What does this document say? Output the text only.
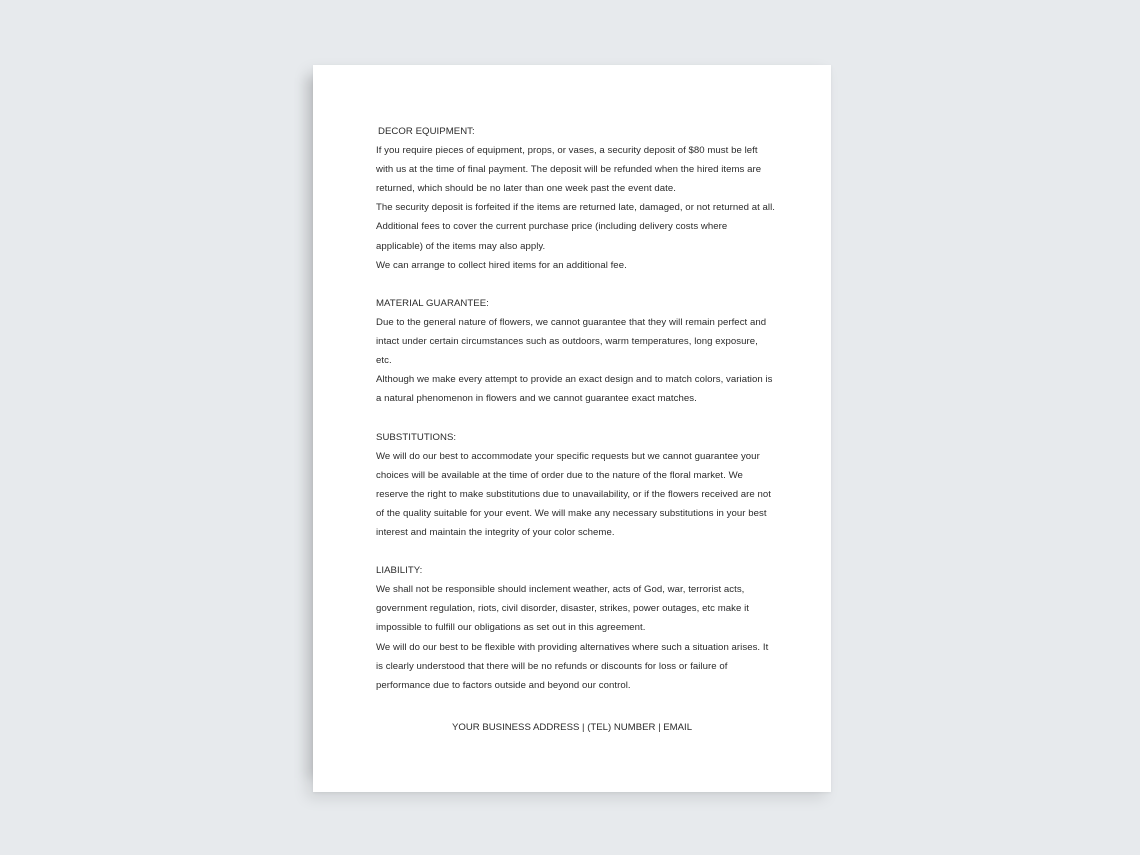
DECOR EQUIPMENT:
If you require pieces of equipment, props, or vases, a security deposit of $80 must be left with us at the time of final payment. The deposit will be refunded when the hired items are returned, which should be no later than one week past the event date.
The security deposit is forfeited if the items are returned late, damaged, or not returned at all. Additional fees to cover the current purchase price (including delivery costs where applicable) of the items may also apply.
We can arrange to collect hired items for an additional fee.
MATERIAL GUARANTEE:
Due to the general nature of flowers, we cannot guarantee that they will remain perfect and intact under certain circumstances such as outdoors, warm temperatures, long exposure, etc.
Although we make every attempt to provide an exact design and to match colors, variation is a natural phenomenon in flowers and we cannot guarantee exact matches.
SUBSTITUTIONS:
We will do our best to accommodate your specific requests but we cannot guarantee your choices will be available at the time of order due to the nature of the floral market. We reserve the right to make substitutions due to unavailability, or if the flowers received are not of the quality suitable for your event. We will make any necessary substitutions in your best interest and maintain the integrity of your color scheme.
LIABILITY:
We shall not be responsible should inclement weather, acts of God, war, terrorist acts, government regulation, riots, civil disorder, disaster, strikes, power outages, etc make it impossible to fulfill our obligations as set out in this agreement.
We will do our best to be flexible with providing alternatives where such a situation arises. It is clearly understood that there will be no refunds or discounts for loss or failure of performance due to factors outside and beyond our control.
YOUR BUSINESS ADDRESS | (TEL) NUMBER | EMAIL
